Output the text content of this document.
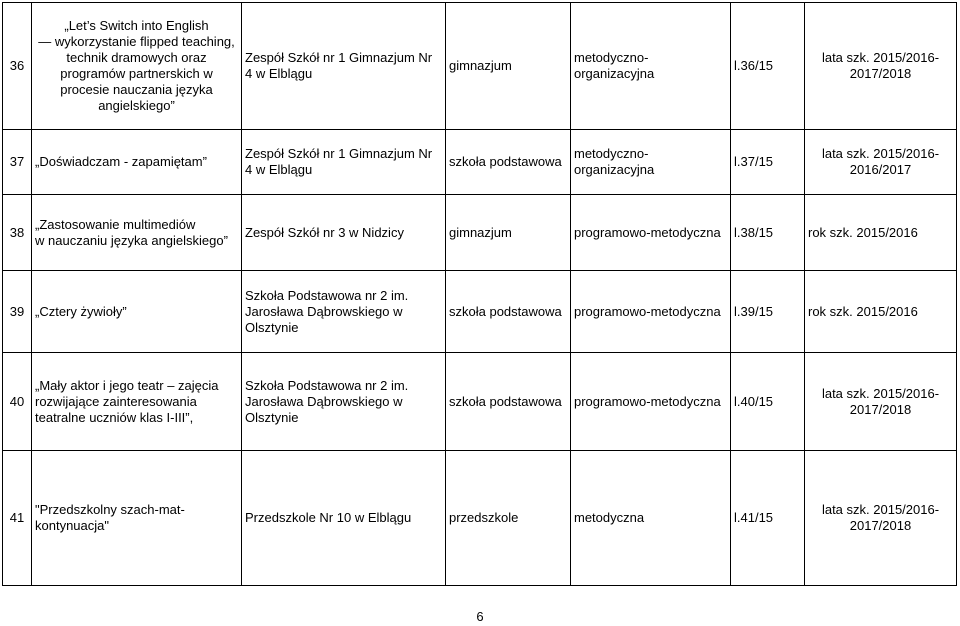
36	„Let’s Switch into English
— wykorzystanie flipped teaching, technik dramowych oraz programów partnerskich w procesie nauczania języka angielskiego”	Zespół Szkół nr 1 Gimnazjum Nr 4 w Elblągu	gimnazjum	metodyczno-organizacyjna	l.36/15	lata szk. 2015/2016-
2017/2018
37	„Doświadczam - zapamiętam”	Zespół Szkół nr 1 Gimnazjum Nr 4 w Elblągu	szkoła podstawowa	metodyczno-organizacyjna	l.37/15	lata szk. 2015/2016-
2016/2017
38	„Zastosowanie multimediów
w nauczaniu języka angielskiego”	Zespół Szkół nr 3 w Nidzicy	gimnazjum	programowo-metodyczna	l.38/15	rok szk. 2015/2016
39	„Cztery żywioły”	Szkoła Podstawowa nr 2 im.
Jarosława Dąbrowskiego w
Olsztynie	szkoła podstawowa	programowo-metodyczna	l.39/15	rok szk. 2015/2016
40	„Mały aktor i jego teatr – zajęcia rozwijające zainteresowania teatralne uczniów klas I-III”,	Szkoła Podstawowa nr 2 im.
Jarosława Dąbrowskiego w
Olsztynie	szkoła podstawowa	programowo-metodyczna	l.40/15	lata szk. 2015/2016-
2017/2018
41	"Przedszkolny szach-mat-
kontynuacja"	Przedszkole Nr 10 w Elblągu	przedszkole	metodyczna	l.41/15	lata szk. 2015/2016-
2017/2018
6
